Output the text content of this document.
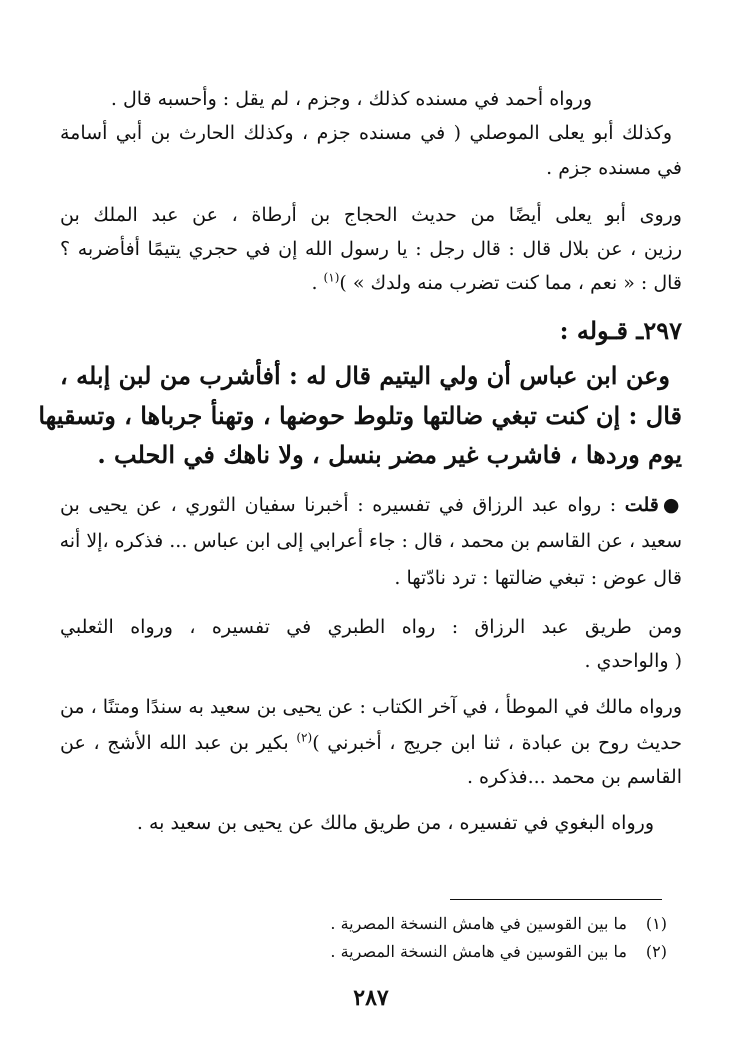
ورواه أحمد في مسنده كذلك ، وجزم ، لم يقل : وأحسبه قال .
وكذلك أبو يعلى الموصلي ( في مسنده جزم ، وكذلك الحارث بن أبي أسامة
في مسنده جزم .
وروى أبو يعلى أيضًا من حديث الحجاج بن أرطاة ، عن عبد الملك بن
رزين ، عن بلال قال : قال رجل : يا رسول الله إن في حجري يتيمًا أفأضربه ؟
قال : « نعم ، مما كنت تضرب منه ولدك » )$^{(١)}$ .
٢٩٧ـ قـوله :
وعن ابن عباس أن ولي اليتيم قال له : أفأشرب من لبن إبله ،
قال : إن كنت تبغي ضالتها وتلوط حوضها ، وتهنأ جرباها ، وتسقيها
يوم وردها ، فاشرب غير مضر بنسل ، ولا ناهك في الحلب .
●قلت : رواه عبد الرزاق في تفسيره : أخبرنا سفيان الثوري ، عن يحيى بن
سعيد ، عن القاسم بن محمد ، قال : جاء أعرابي إلى ابن عباس ... فذكره ،إلا أنه
قال عوض : تبغي ضالتها : ترد نادّتها .
ومن طريق عبد الرزاق : رواه الطبري في تفسيره ، ورواه الثعلبي
( والواحدي .
ورواه مالك في الموطأ ، في آخر الكتاب : عن يحيى بن سعيد به سندًا ومتنًا ، من
حديث روح بن عبادة ، ثنا ابن جريج ، أخبرني )$^{(٢)}$ بكير بن عبد الله الأشج ، عن
القاسم بن محمد ...فذكره .
ورواه البغوي في تفسيره ، من طريق مالك عن يحيى بن سعيد به .
(١)ما بين القوسين في هامش النسخة المصرية .
(٢)ما بين القوسين في هامش النسخة المصرية .
٢٨٧
